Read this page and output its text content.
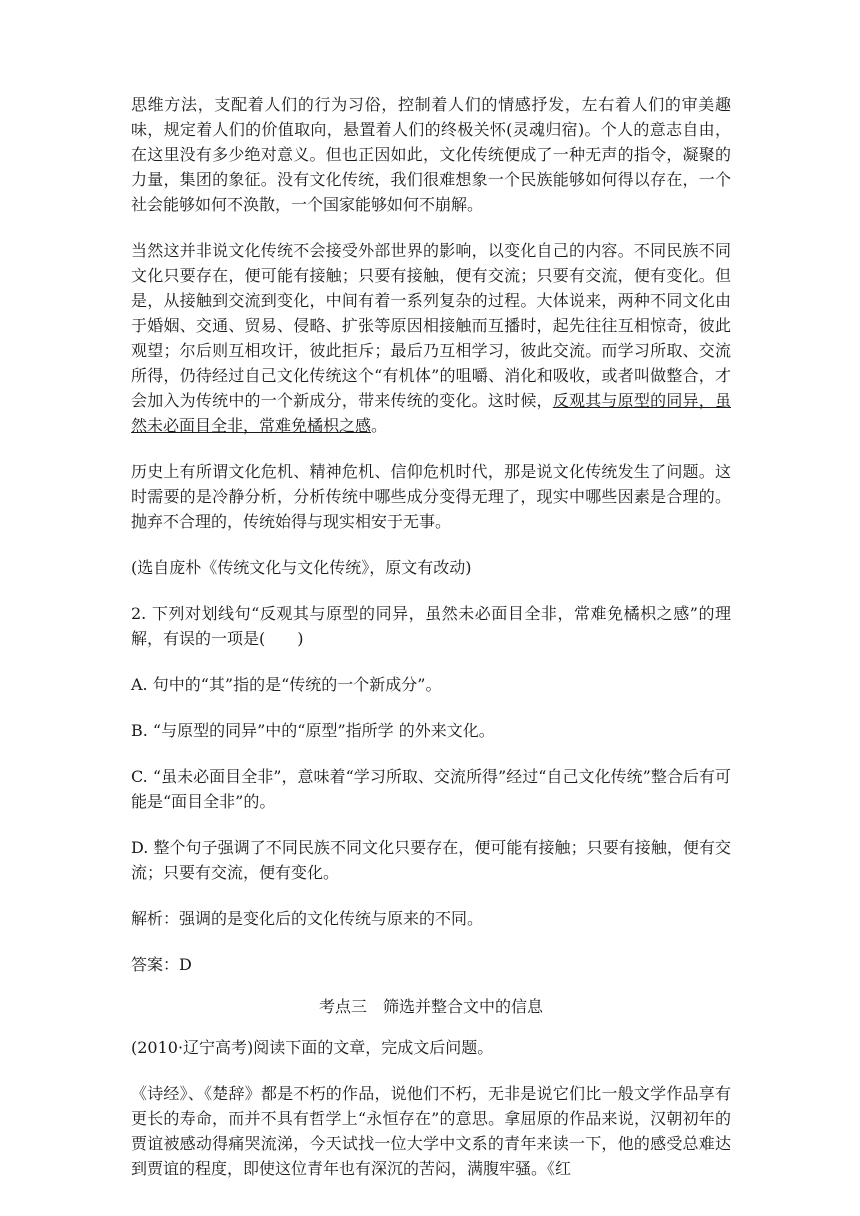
思维方法，支配着人们的行为习俗，控制着人们的情感抒发，左右着人们的审美趣味，规定着人们的价值取向，悬置着人们的终极关怀(灵魂归宿)。个人的意志自由，在这里没有多少绝对意义。但也正因如此，文化传统便成了一种无声的指令，凝聚的力量，集团的象征。没有文化传统，我们很难想象一个民族能够如何得以存在，一个社会能够如何不涣散，一个国家能够如何不崩解。

当然这并非说文化传统不会接受外部世界的影响，以变化自己的内容。不同民族不同文化只要存在，便可能有接触；只要有接触，便有交流；只要有交流，便有变化。但是，从接触到交流到变化，中间有着一系列复杂的过程。大体说来，两种不同文化由于婚姻、交通、贸易、侵略、扩张等原因相接触而互播时，起先往往互相惊奇，彼此观望；尔后则互相攻讦，彼此拒斥；最后乃互相学习，彼此交流。而学习所取、交流所得，仍待经过自己文化传统这个“有机体”的咀嚼、消化和吸收，或者叫做整合，才会加入为传统中的一个新成分，带来传统的变化。这时候，反观其与原型的同异，虽然未必面目全非，常难免橘枳之感。

历史上有所谓文化危机、精神危机、信仰危机时代，那是说文化传统发生了问题。这时需要的是冷静分析，分析传统中哪些成分变得无理了，现实中哪些因素是合理的。抛弃不合理的，传统始得与现实相安于无事。

(选自庞朴《传统文化与文化传统》，原文有改动)

2. 下列对划线句“反观其与原型的同异，虽然未必面目全非，常难免橘枳之感”的理解，有误的一项是(　　)

A. 句中的“其”指的是“传统的一个新成分”。

B. “与原型的同异”中的“原型”指所学 的外来文化。

C. “虽未必面目全非”，意味着“学习所取、交流所得”经过“自己文化传统”整合后有可能是“面目全非”的。

D. 整个句子强调了不同民族不同文化只要存在，便可能有接触；只要有接触，便有交流；只要有交流，便有变化。

解析：强调的是变化后的文化传统与原来的不同。

答案：D

考点三　筛选并整合文中的信息

(2010·辽宁高考)阅读下面的文章，完成文后问题。

《诗经》、《楚辞》都是不朽的作品，说他们不朽，无非是说它们比一般文学作品享有更长的寿命，而并不具有哲学上“永恒存在”的意思。拿屈原的作品来说，汉朝初年的贾谊被感动得痛哭流涕，今天试找一位大学中文系的青年来读一下，他的感受总难达到贾谊的程度，即使这位青年也有深沉的苦闷，满腹牢骚。《红
